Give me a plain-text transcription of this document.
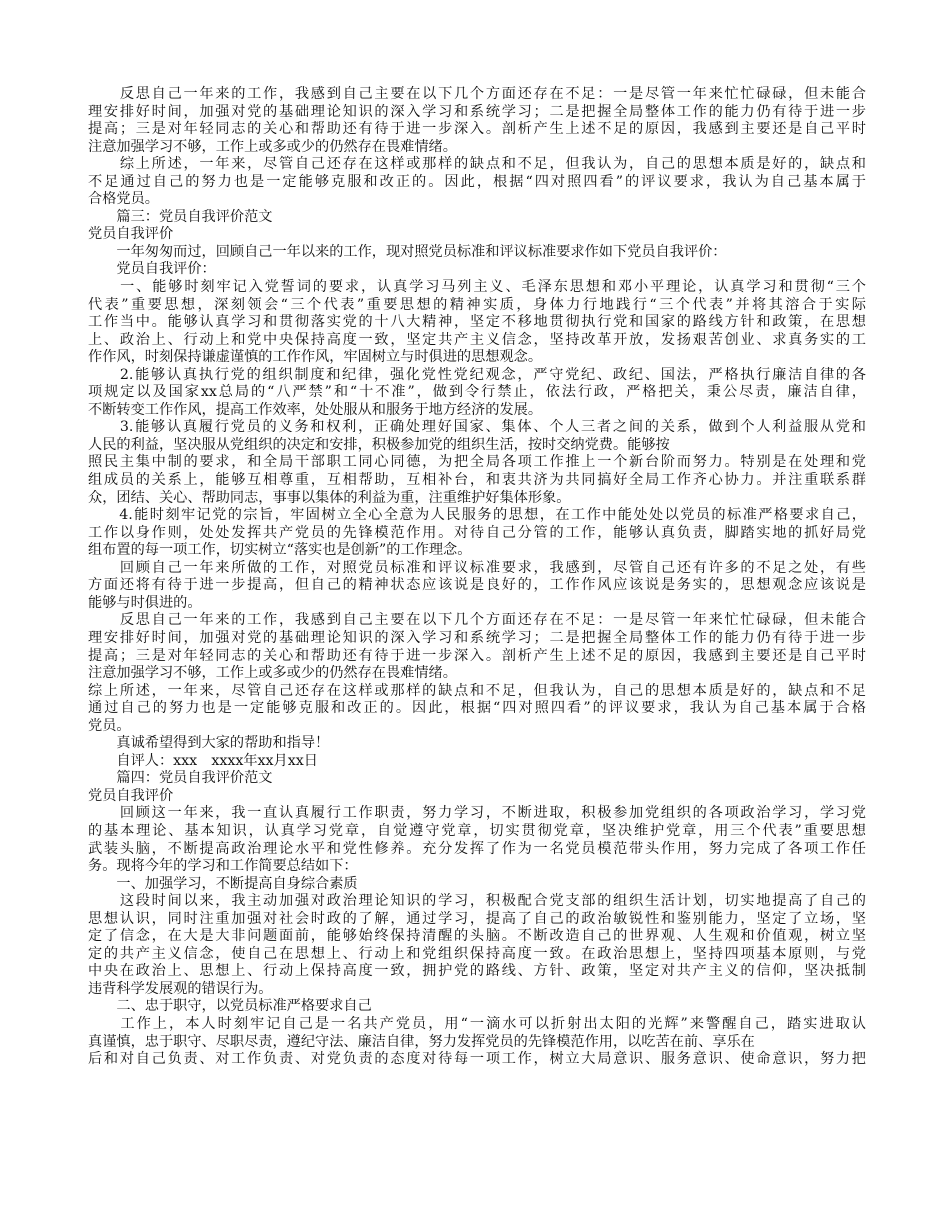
　　反思自己一年来的工作，我感到自己主要在以下几个方面还存在不足：一是尽管一年来忙忙碌碌，但未能合
理安排好时间，加强对党的基础理论知识的深入学习和系统学习；二是把握全局整体工作的能力仍有待于进一步
提高；三是对年轻同志的关心和帮助还有待于进一步深入。剖析产生上述不足的原因，我感到主要还是自己平时
注意加强学习不够，工作上或多或少的仍然存在畏难情绪。
　　综上所述，一年来，尽管自己还存在这样或那样的缺点和不足，但我认为，自己的思想本质是好的，缺点和
不足通过自己的努力也是一定能够克服和改正的。因此，根据“四对照四看”的评议要求，我认为自己基本属于
合格党员。
　　篇三：党员自我评价范文
党员自我评价
　　一年匆匆而过，回顾自己一年以来的工作，现对照党员标准和评议标准要求作如下党员自我评价：
　　党员自我评价：
　　一、能够时刻牢记入党誓词的要求，认真学习马列主义、毛泽东思想和邓小平理论，认真学习和贯彻“三个
代表”重要思想，深刻领会“三个代表”重要思想的精神实质，身体力行地践行“三个代表”并将其溶合于实际
工作当中。能够认真学习和贯彻落实党的十八大精神，坚定不移地贯彻执行党和国家的路线方针和政策，在思想
上、政治上、行动上和党中央保持高度一致，坚定共产主义信念，坚持改革开放，发扬艰苦创业、求真务实的工
作作风，时刻保持谦虚谨慎的工作作风，牢固树立与时俱进的思想观念。
　　2.能够认真执行党的组织制度和纪律，强化党性党纪观念，严守党纪、政纪、国法，严格执行廉洁自律的各
项规定以及国家xx总局的“八严禁”和“十不准”，做到令行禁止，依法行政，严格把关，秉公尽责，廉洁自律，
不断转变工作作风，提高工作效率，处处服从和服务于地方经济的发展。
　　3.能够认真履行党员的义务和权利，正确处理好国家、集体、个人三者之间的关系，做到个人利益服从党和
人民的利益，坚决服从党组织的决定和安排，积极参加党的组织生活，按时交纳党费。能够按
照民主集中制的要求，和全局干部职工同心同德，为把全局各项工作推上一个新台阶而努力。特别是在处理和党
组成员的关系上，能够互相尊重，互相帮助，互相补台，和衷共济为共同搞好全局工作齐心协力。并注重联系群
众，团结、关心、帮助同志，事事以集体的利益为重，注重维护好集体形象。
　　4.能时刻牢记党的宗旨，牢固树立全心全意为人民服务的思想，在工作中能处处以党员的标准严格要求自己，
工作以身作则，处处发挥共产党员的先锋模范作用。对待自己分管的工作，能够认真负责，脚踏实地的抓好局党
组布置的每一项工作，切实树立“落实也是创新”的工作理念。
　　回顾自己一年来所做的工作，对照党员标准和评议标准要求，我感到，尽管自己还有许多的不足之处，有些
方面还将有待于进一步提高，但自己的精神状态应该说是良好的，工作作风应该说是务实的，思想观念应该说是
能够与时俱进的。
　　反思自己一年来的工作，我感到自己主要在以下几个方面还存在不足：一是尽管一年来忙忙碌碌，但未能合
理安排好时间，加强对党的基础理论知识的深入学习和系统学习；二是把握全局整体工作的能力仍有待于进一步
提高；三是对年轻同志的关心和帮助还有待于进一步深入。剖析产生上述不足的原因，我感到主要还是自己平时
注意加强学习不够，工作上或多或少的仍然存在畏难情绪。
综上所述，一年来，尽管自己还存在这样或那样的缺点和不足，但我认为，自己的思想本质是好的，缺点和不足
通过自己的努力也是一定能够克服和改正的。因此，根据“四对照四看”的评议要求，我认为自己基本属于合格
党员。
　　真诚希望得到大家的帮助和指导！
　　自评人：xxx　xxxx年xx月xx日
　　篇四：党员自我评价范文
党员自我评价
　　回顾这一年来，我一直认真履行工作职责，努力学习，不断进取，积极参加党组织的各项政治学习，学习党
的基本理论、基本知识，认真学习党章，自觉遵守党章，切实贯彻党章，坚决维护党章，用三个代表”重要思想
武装头脑，不断提高政治理论水平和党性修养。充分发挥了作为一名党员模范带头作用，努力完成了各项工作任
务。现将今年的学习和工作简要总结如下：
　　一、加强学习，不断提高自身综合素质
　　这段时间以来，我主动加强对政治理论知识的学习，积极配合党支部的组织生活计划，切实地提高了自己的
思想认识，同时注重加强对社会时政的了解，通过学习，提高了自己的政治敏锐性和鉴别能力，坚定了立场，坚
定了信念，在大是大非问题面前，能够始终保持清醒的头脑。不断改造自己的世界观、人生观和价值观，树立坚
定的共产主义信念，使自己在思想上、行动上和党组织保持高度一致。在政治思想上，坚持四项基本原则，与党
中央在政治上、思想上、行动上保持高度一致，拥护党的路线、方针、政策，坚定对共产主义的信仰，坚决抵制
违背科学发展观的错误行为。
　　二、忠于职守，以党员标准严格要求自己
　　工作上，本人时刻牢记自己是一名共产党员，用“一滴水可以折射出太阳的光辉”来警醒自己，踏实进取认
真谨慎，忠于职守、尽职尽责，遵纪守法、廉洁自律，努力发挥党员的先锋模范作用，以吃苦在前、享乐在
后和对自己负责、对工作负责、对党负责的态度对待每一项工作，树立大局意识、服务意识、使命意识，努力把
